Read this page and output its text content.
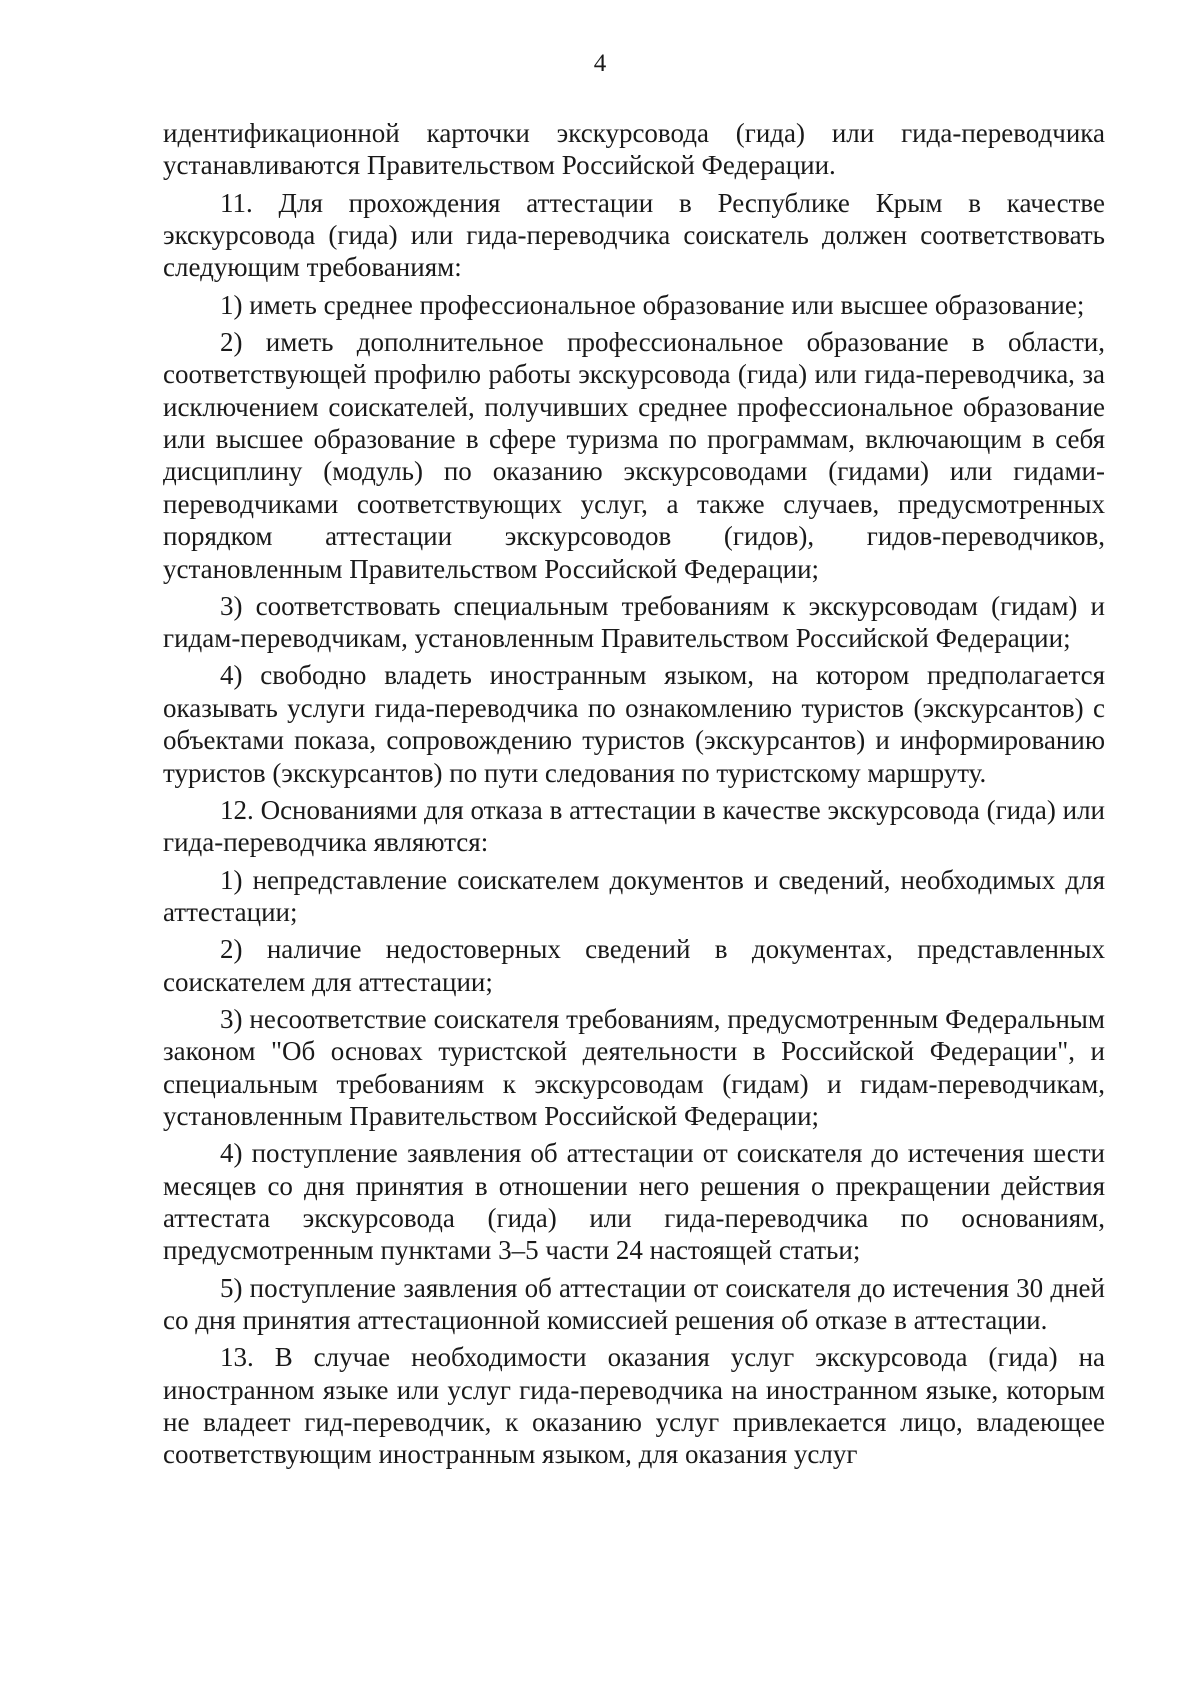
4

идентификационной карточки экскурсовода (гида) или гида-переводчика устанавливаются Правительством Российской Федерации.

11. Для прохождения аттестации в Республике Крым в качестве экскурсовода (гида) или гида-переводчика соискатель должен соответствовать следующим требованиям:

1) иметь среднее профессиональное образование или высшее образование;

2) иметь дополнительное профессиональное образование в области, соответствующей профилю работы экскурсовода (гида) или гида-переводчика, за исключением соискателей, получивших среднее профессиональное образование или высшее образование в сфере туризма по программам, включающим в себя дисциплину (модуль) по оказанию экскурсоводами (гидами) или гидами-переводчиками соответствующих услуг, а также случаев, предусмотренных порядком аттестации экскурсоводов (гидов), гидов-переводчиков, установленным Правительством Российской Федерации;

3) соответствовать специальным требованиям к экскурсоводам (гидам) и гидам-переводчикам, установленным Правительством Российской Федерации;

4) свободно владеть иностранным языком, на котором предполагается оказывать услуги гида-переводчика по ознакомлению туристов (экскурсантов) с объектами показа, сопровождению туристов (экскурсантов) и информированию туристов (экскурсантов) по пути следования по туристскому маршруту.

12. Основаниями для отказа в аттестации в качестве экскурсовода (гида) или гида-переводчика являются:

1) непредставление соискателем документов и сведений, необходимых для аттестации;

2) наличие недостоверных сведений в документах, представленных соискателем для аттестации;

3) несоответствие соискателя требованиям, предусмотренным Федеральным законом "Об основах туристской деятельности в Российской Федерации", и специальным требованиям к экскурсоводам (гидам) и гидам-переводчикам, установленным Правительством Российской Федерации;

4) поступление заявления об аттестации от соискателя до истечения шести месяцев со дня принятия в отношении него решения о прекращении действия аттестата экскурсовода (гида) или гида-переводчика по основаниям, предусмотренным пунктами 3–5 части 24 настоящей статьи;

5) поступление заявления об аттестации от соискателя до истечения 30 дней со дня принятия аттестационной комиссией решения об отказе в аттестации.

13. В случае необходимости оказания услуг экскурсовода (гида) на иностранном языке или услуг гида-переводчика на иностранном языке, которым не владеет гид-переводчик, к оказанию услуг привлекается лицо, владеющее соответствующим иностранным языком, для оказания услуг
